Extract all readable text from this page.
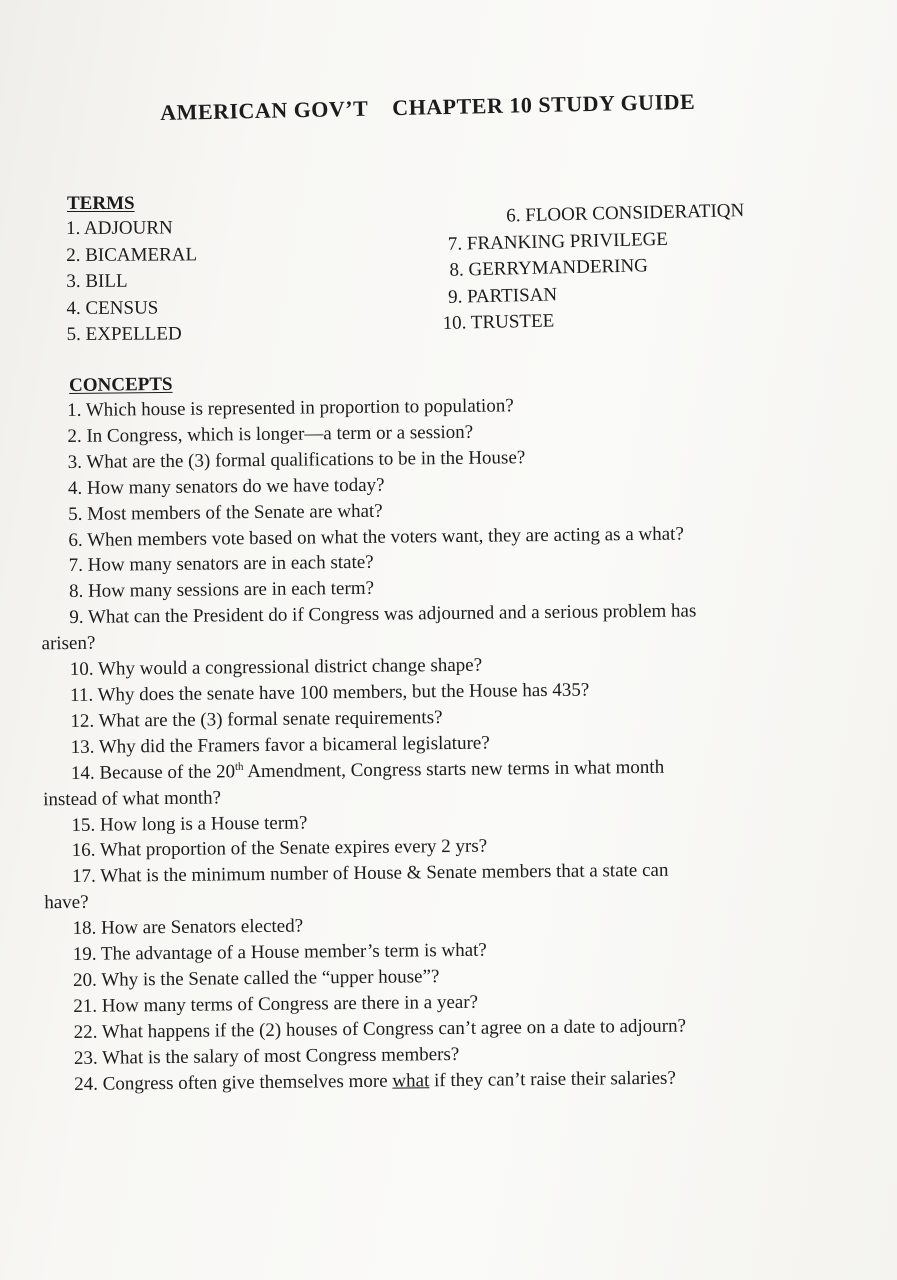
AMERICAN GOV’T CHAPTER 10 STUDY GUIDE
TERMS
1. ADJOURN
2. BICAMERAL
3. BILL
4. CENSUS
5. EXPELLED
6. FLOOR CONSIDERATIQN
7. FRANKING PRIVILEGE
8. GERRYMANDERING
9. PARTISAN
10. TRUSTEE
CONCEPTS
1. Which house is represented in proportion to population?
2. In Congress, which is longer—a term or a session?
3. What are the (3) formal qualifications to be in the House?
4. How many senators do we have today?
5. Most members of the Senate are what?
6. When members vote based on what the voters want, they are acting as a what?
7. How many senators are in each state?
8. How many sessions are in each term?
9. What can the President do if Congress was adjourned and a serious problem has
arisen?
10. Why would a congressional district change shape?
11. Why does the senate have 100 members, but the House has 435?
12. What are the (3) formal senate requirements?
13. Why did the Framers favor a bicameral legislature?
14. Because of the 20th Amendment, Congress starts new terms in what month
instead of what month?
15. How long is a House term?
16. What proportion of the Senate expires every 2 yrs?
17. What is the minimum number of House & Senate members that a state can
have?
18. How are Senators elected?
19. The advantage of a House member’s term is what?
20. Why is the Senate called the “upper house”?
21. How many terms of Congress are there in a year?
22. What happens if the (2) houses of Congress can’t agree on a date to adjourn?
23. What is the salary of most Congress members?
24. Congress often give themselves more what if they can’t raise their salaries?
